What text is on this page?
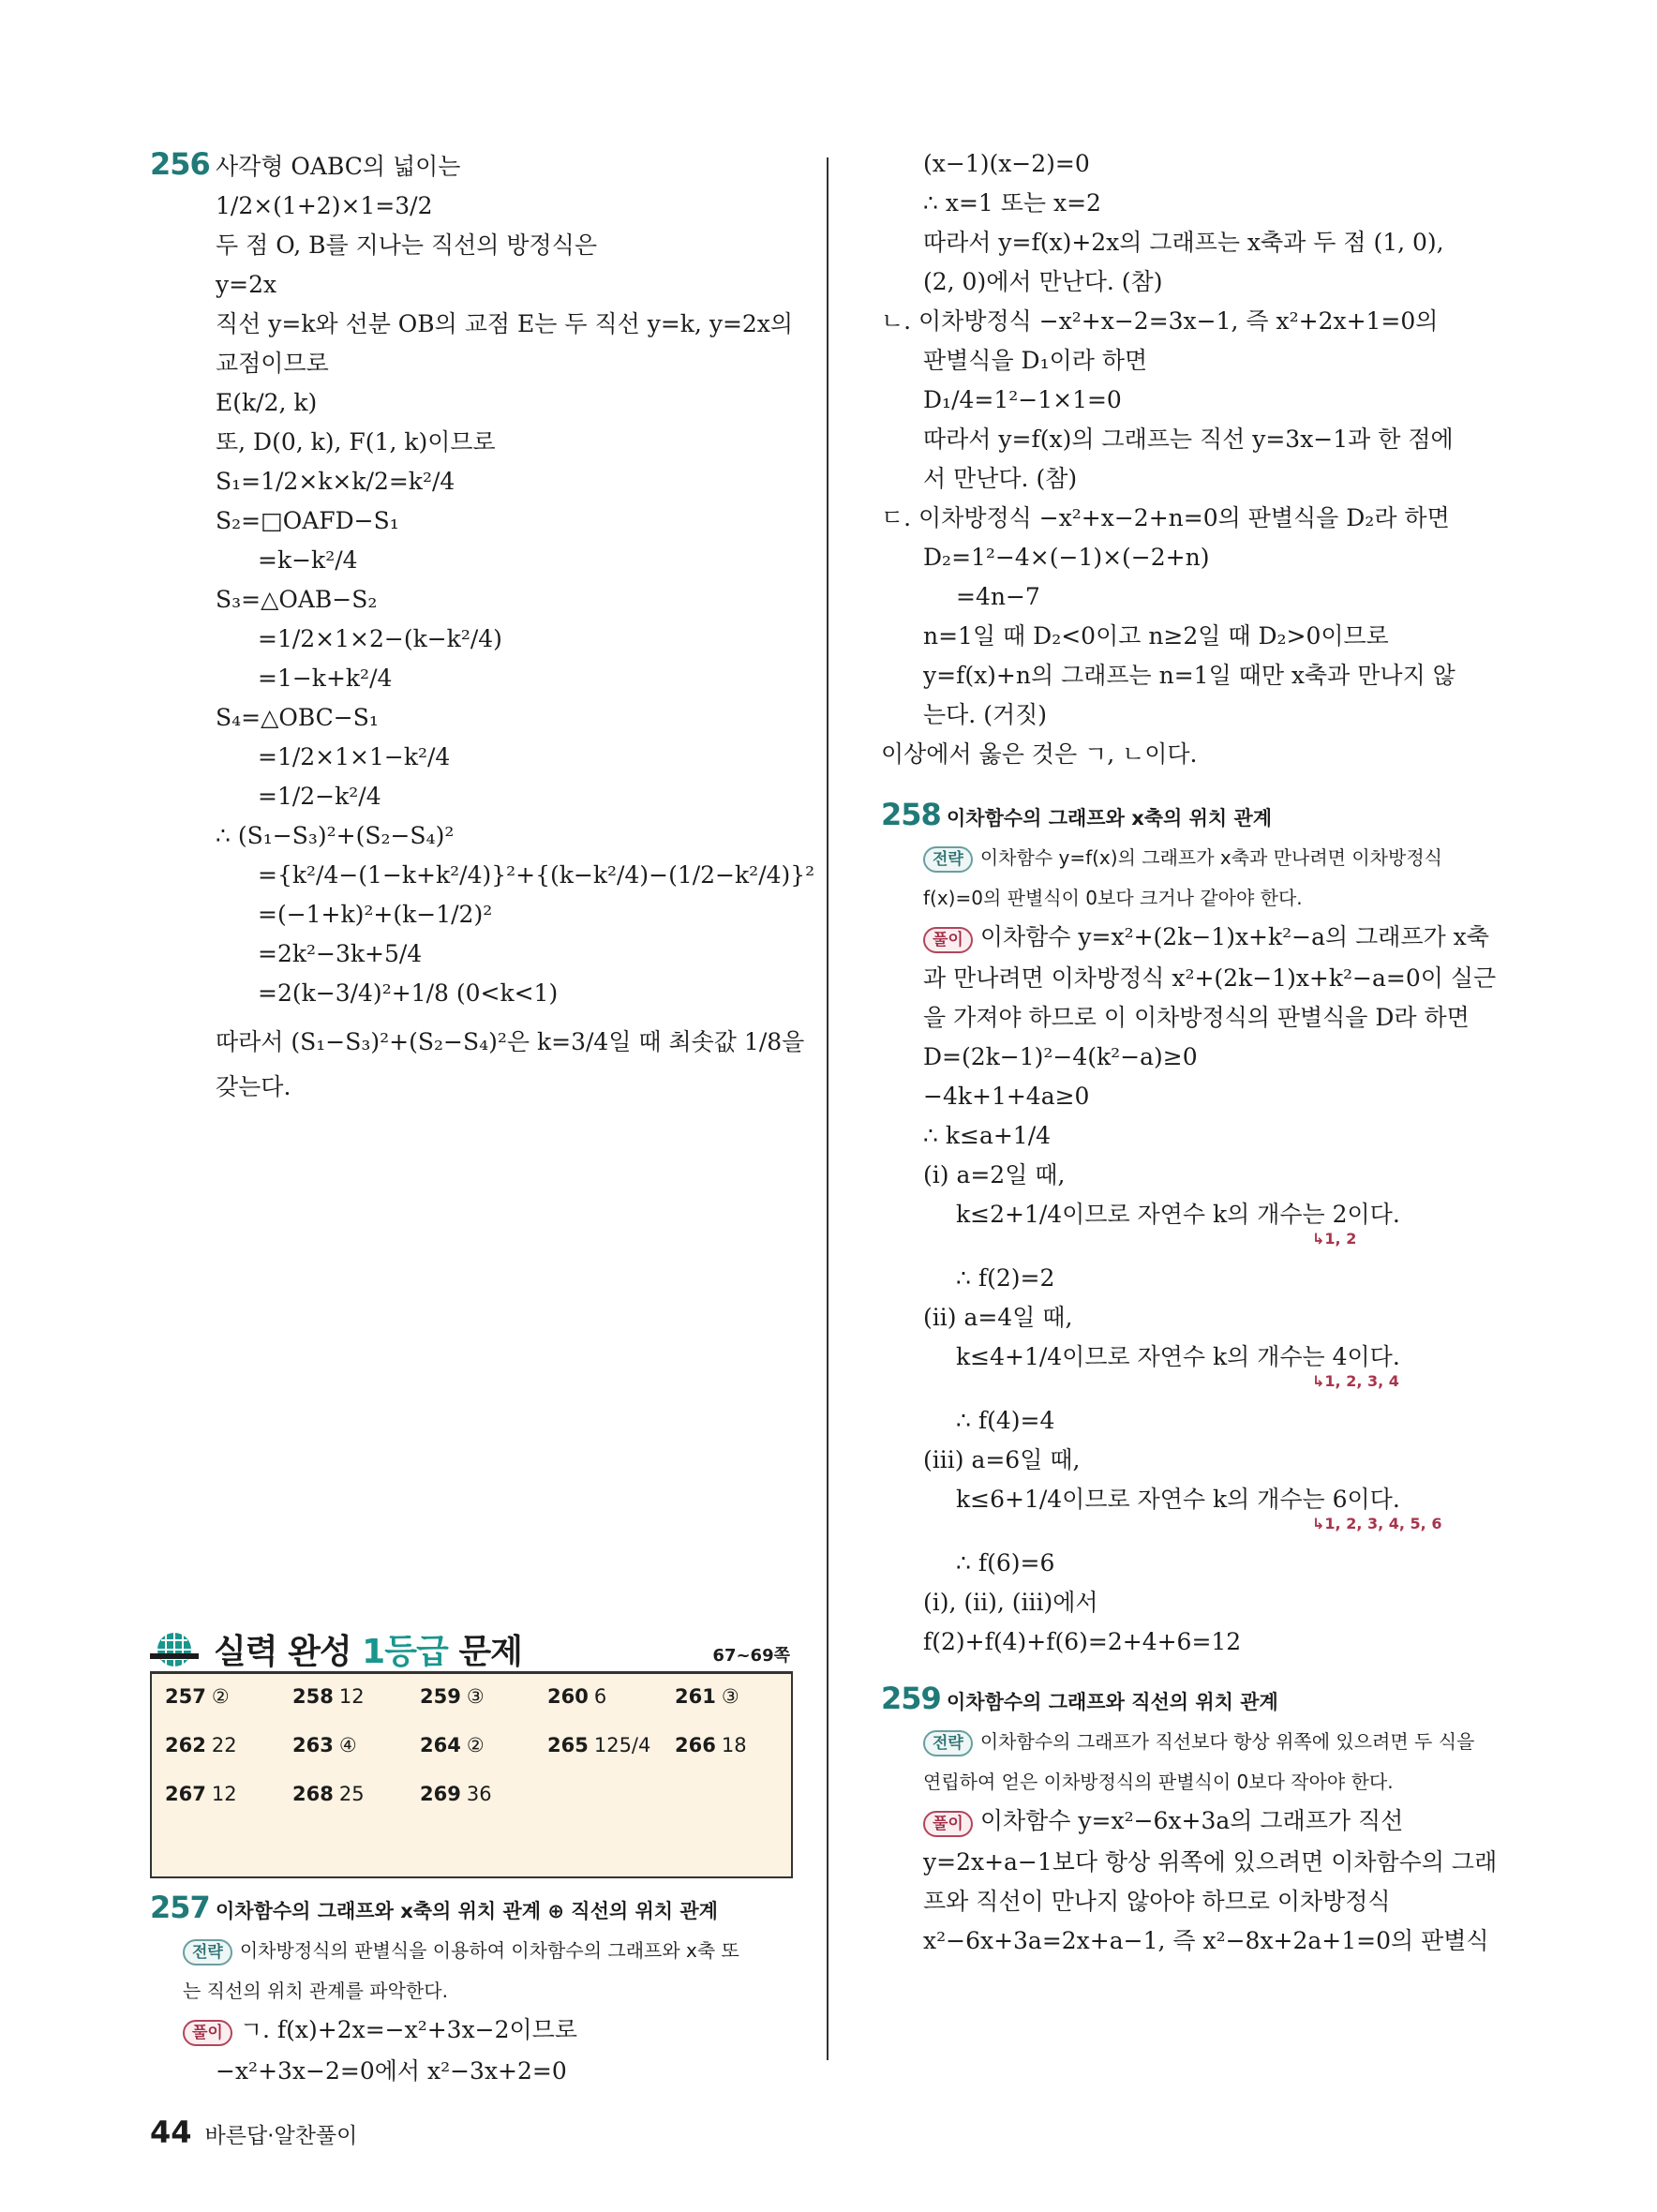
256 사각형 OABC의 넓이는
1/2×(1+2)×1=3/2
두 점 O, B를 지나는 직선의 방정식은
y=2x
직선 y=k와 선분 OB의 교점 E는 두 직선 y=k, y=2x의
교점이므로
E(k/2, k)
또, D(0, k), F(1, k)이므로
S₁=1/2×k×k/2=k²/4
S₂=□OAFD−S₁
=k−k²/4
S₃=△OAB−S₂
=1/2×1×2−(k−k²/4)
=1−k+k²/4
S₄=△OBC−S₁
=1/2×1×1−k²/4
=1/2−k²/4
∴ (S₁−S₃)²+(S₂−S₄)²
={k²/4−(1−k+k²/4)}²+{(k−k²/4)−(1/2−k²/4)}²
=(−1+k)²+(k−1/2)²
=2k²−3k+5/4
=2(k−3/4)²+1/8 (0<k<1)
따라서 (S₁−S₃)²+(S₂−S₄)²은 k=3/4일 때 최솟값 1/8을
갖는다.
실력 완성 1등급 문제	67~69쪽
257 ②	258 12	259 ③	260 6	261 ③
262 22	263 ④	264 ②	265 125/4	266 18
267 12	268 25	269 36
257 이차함수의 그래프와 x축의 위치 관계 ⊕ 직선의 위치 관계
전략 이차방정식의 판별식을 이용하여 이차함수의 그래프와 x축 또
는 직선의 위치 관계를 파악한다.
풀이 ㄱ. f(x)+2x=−x²+3x−2이므로
−x²+3x−2=0에서 x²−3x+2=0
(x−1)(x−2)=0
∴ x=1 또는 x=2
따라서 y=f(x)+2x의 그래프는 x축과 두 점 (1, 0),
(2, 0)에서 만난다. (참)
ㄴ. 이차방정식 −x²+x−2=3x−1, 즉 x²+2x+1=0의
판별식을 D₁이라 하면
D₁/4=1²−1×1=0
따라서 y=f(x)의 그래프는 직선 y=3x−1과 한 점에
서 만난다. (참)
ㄷ. 이차방정식 −x²+x−2+n=0의 판별식을 D₂라 하면
D₂=1²−4×(−1)×(−2+n)
=4n−7
n=1일 때 D₂<0이고 n≥2일 때 D₂>0이므로
y=f(x)+n의 그래프는 n=1일 때만 x축과 만나지 않
는다. (거짓)
이상에서 옳은 것은 ㄱ, ㄴ이다.
258 이차함수의 그래프와 x축의 위치 관계
전략 이차함수 y=f(x)의 그래프가 x축과 만나려면 이차방정식
f(x)=0의 판별식이 0보다 크거나 같아야 한다.
풀이 이차함수 y=x²+(2k−1)x+k²−a의 그래프가 x축
과 만나려면 이차방정식 x²+(2k−1)x+k²−a=0이 실근
을 가져야 하므로 이 이차방정식의 판별식을 D라 하면
D=(2k−1)²−4(k²−a)≥0
−4k+1+4a≥0
∴ k≤a+1/4
(i) a=2일 때,
k≤2+1/4이므로 자연수 k의 개수는 2이다.
↳1, 2
∴ f(2)=2
(ii) a=4일 때,
k≤4+1/4이므로 자연수 k의 개수는 4이다.
↳1, 2, 3, 4
∴ f(4)=4
(iii) a=6일 때,
k≤6+1/4이므로 자연수 k의 개수는 6이다.
↳1, 2, 3, 4, 5, 6
∴ f(6)=6
(i), (ii), (iii)에서
f(2)+f(4)+f(6)=2+4+6=12
259 이차함수의 그래프와 직선의 위치 관계
전략 이차함수의 그래프가 직선보다 항상 위쪽에 있으려면 두 식을
연립하여 얻은 이차방정식의 판별식이 0보다 작아야 한다.
풀이 이차함수 y=x²−6x+3a의 그래프가 직선
y=2x+a−1보다 항상 위쪽에 있으려면 이차함수의 그래
프와 직선이 만나지 않아야 하므로 이차방정식
x²−6x+3a=2x+a−1, 즉 x²−8x+2a+1=0의 판별식
44 바른답·알찬풀이
